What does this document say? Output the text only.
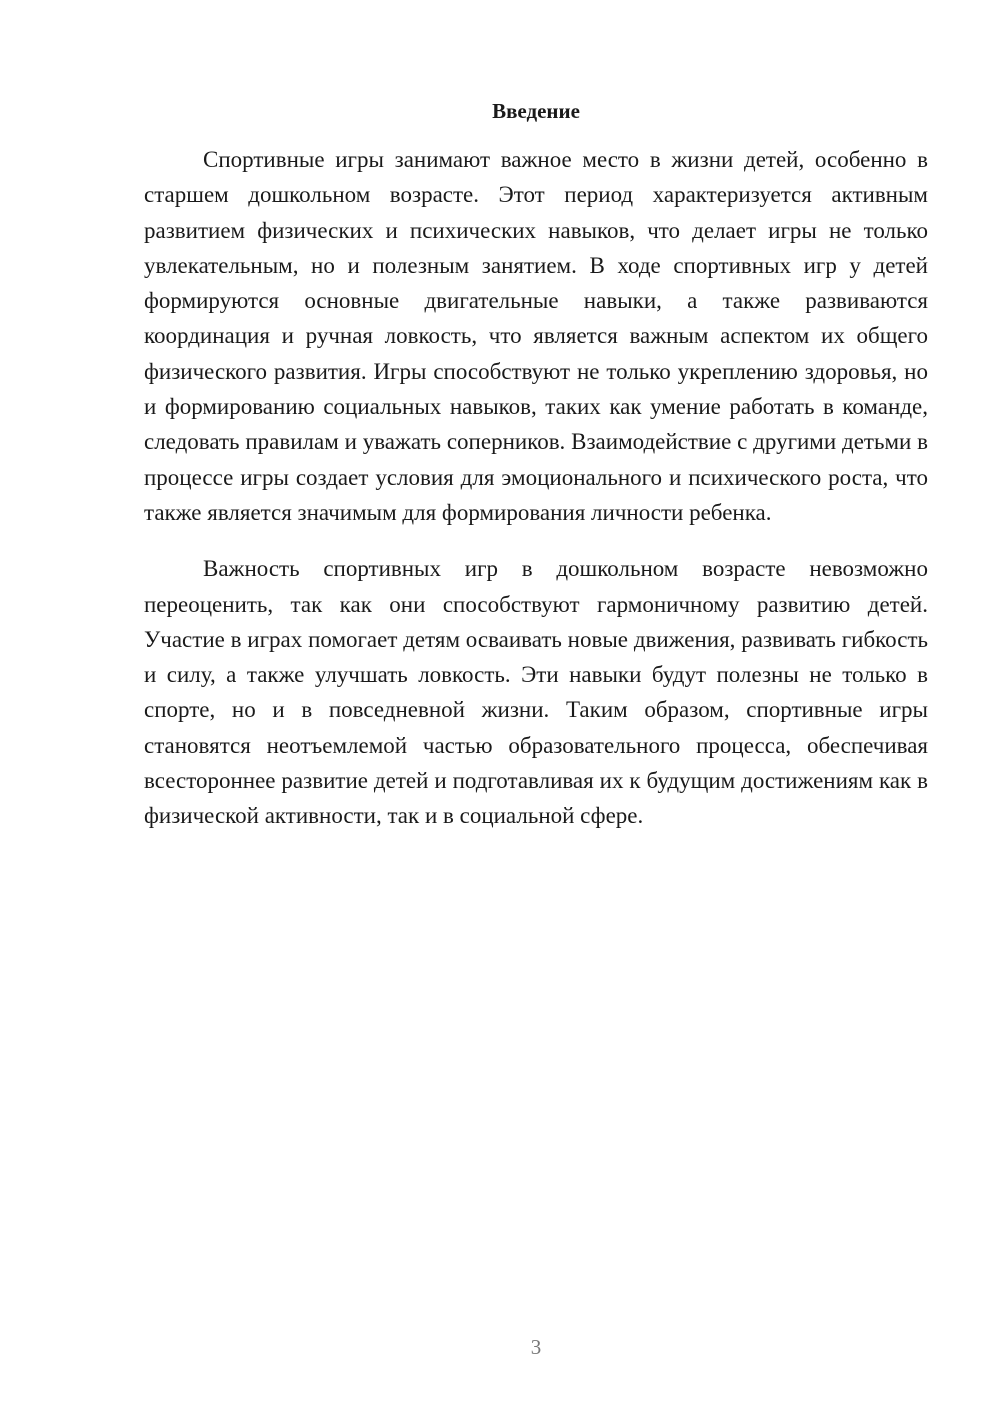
Введение

Спортивные игры занимают важное место в жизни детей, особенно в старшем дошкольном возрасте. Этот период характеризуется активным развитием физических и психических навыков, что делает игры не только увлекательным, но и полезным занятием. В ходе спортивных игр у детей формируются основные двигательные навыки, а также развиваются координация и ручная ловкость, что является важным аспектом их общего физического развития. Игры способствуют не только укреплению здоровья, но и формированию социальных навыков, таких как умение работать в команде, следовать правилам и уважать соперников. Взаимодействие с другими детьми в процессе игры создает условия для эмоционального и психического роста, что также является значимым для формирования личности ребенка.

Важность спортивных игр в дошкольном возрасте невозможно переоценить, так как они способствуют гармоничному развитию детей. Участие в играх помогает детям осваивать новые движения, развивать гибкость и силу, а также улучшать ловкость. Эти навыки будут полезны не только в спорте, но и в повседневной жизни. Таким образом, спортивные игры становятся неотъемлемой частью образовательного процесса, обеспечивая всестороннее развитие детей и подготавливая их к будущим достижениям как в физической активности, так и в социальной сфере.

3
